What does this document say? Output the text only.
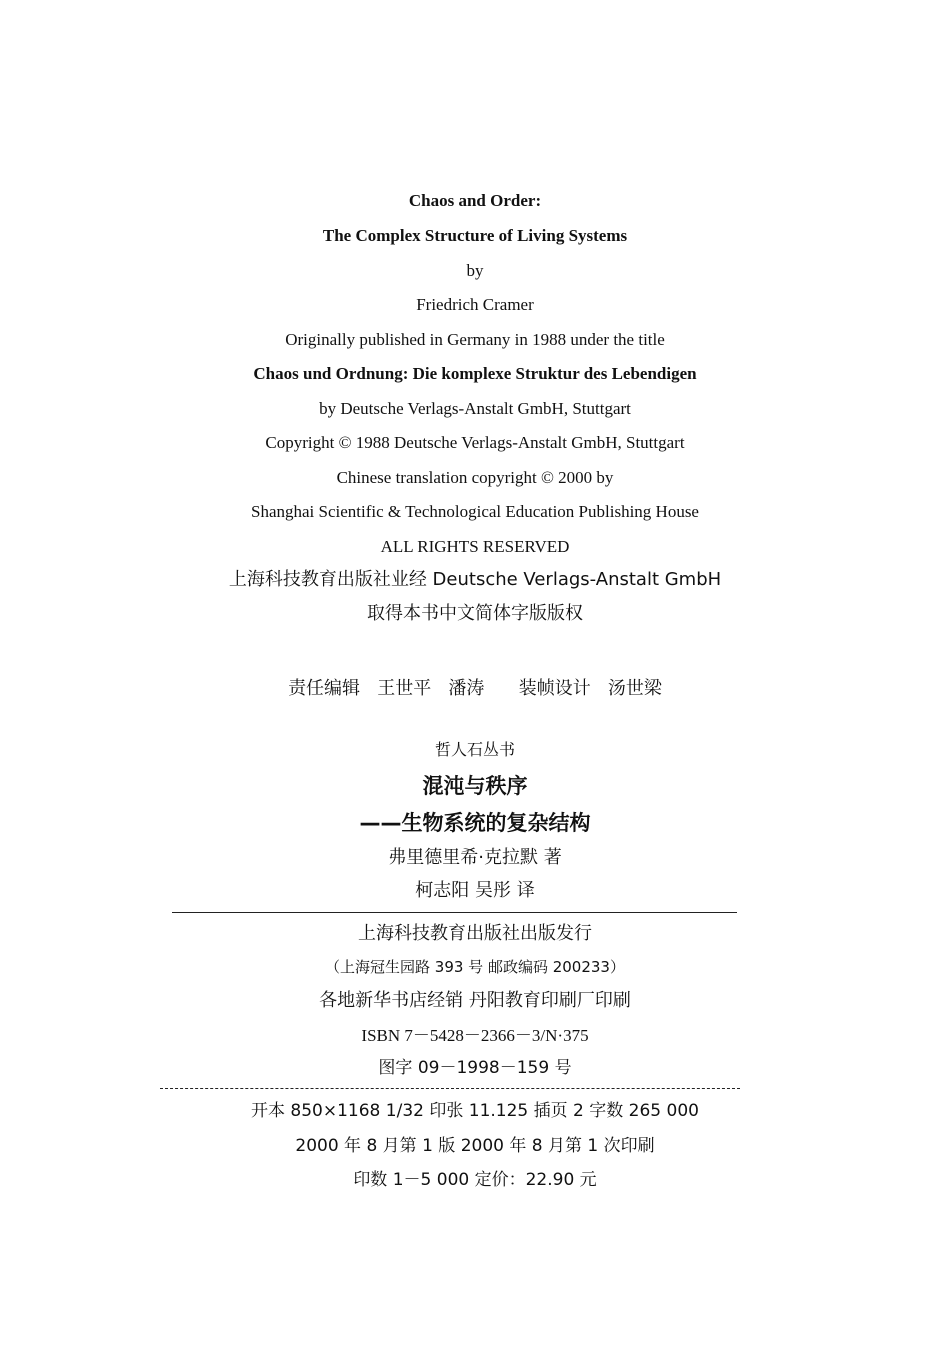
Chaos and Order:
The Complex Structure of Living Systems
by
Friedrich Cramer
Originally published in Germany in 1988 under the title
Chaos und Ordnung: Die komplexe Struktur des Lebendigen
by Deutsche Verlags-Anstalt GmbH, Stuttgart
Copyright © 1988 Deutsche Verlags-Anstalt GmbH, Stuttgart
Chinese translation copyright © 2000 by
Shanghai Scientific & Technological Education Publishing House
ALL RIGHTS RESERVED
上海科技教育出版社业经 Deutsche Verlags-Anstalt GmbH
取得本书中文简体字版版权
责任编辑 王世平   潘涛 装帧设计 汤世梁
哲人石丛书
混沌与秩序
——生物系统的复杂结构
弗里德里希·克拉默 著
柯志阳 吴彤 译
上海科技教育出版社出版发行
（上海冠生园路 393 号 邮政编码 200233）
各地新华书店经销 丹阳教育印刷厂印刷
ISBN 7－5428－2366－3/N·375
图字 09－1998－159 号
开本 850×1168 1/32 印张 11.125 插页 2 字数 265 000
2000 年 8 月第 1 版 2000 年 8 月第 1 次印刷
印数 1－5 000 定价：22.90 元
